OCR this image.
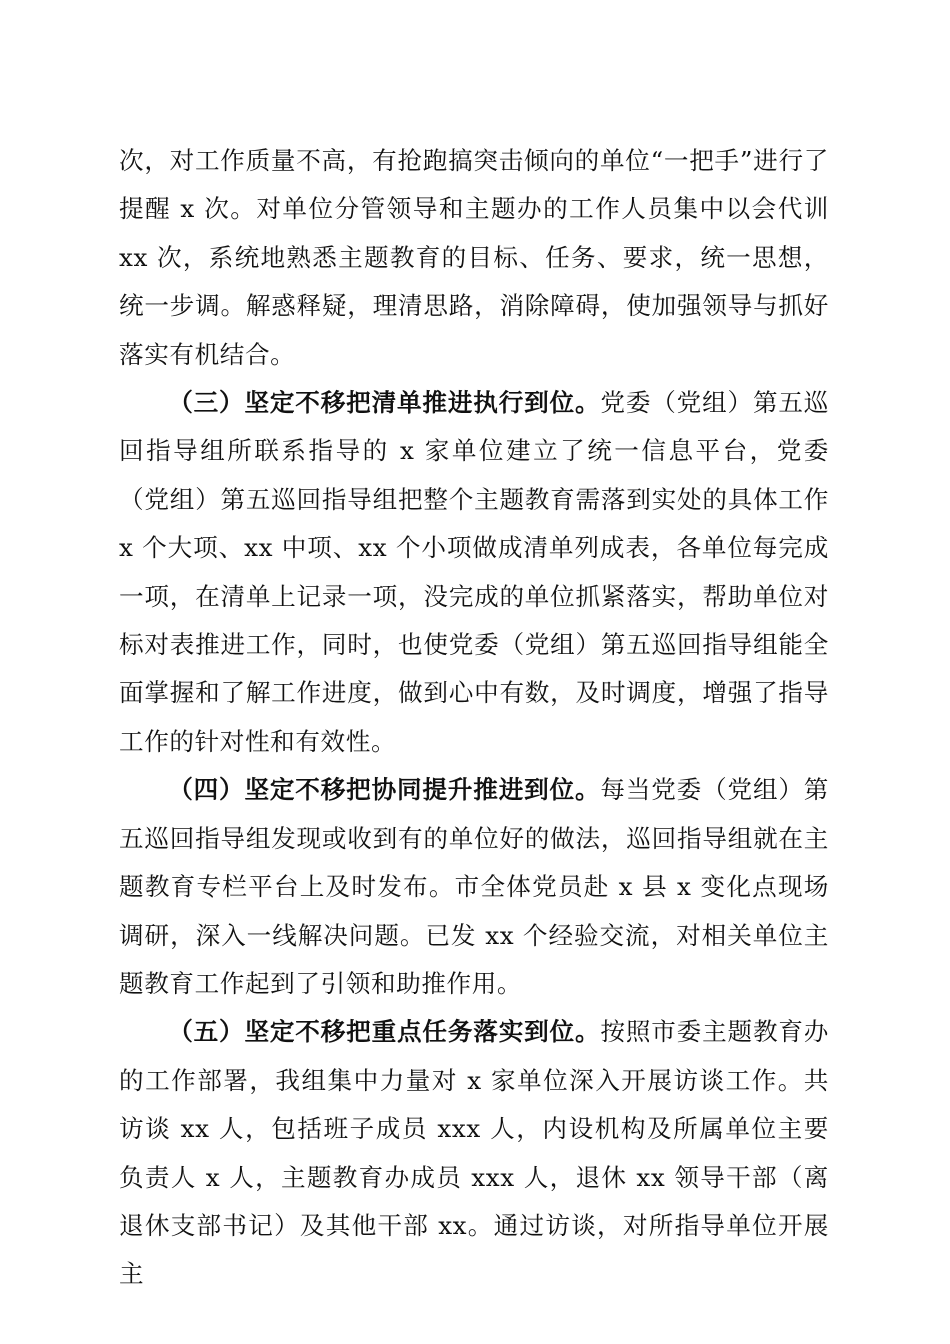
次，对工作质量不高，有抢跑搞突击倾向的单位“一把手”进行了提醒 x 次。对单位分管领导和主题办的工作人员集中以会代训 xx 次，系统地熟悉主题教育的目标、任务、要求，统一思想，统一步调。解惑释疑，理清思路，消除障碍，使加强领导与抓好落实有机结合。

（三）坚定不移把清单推进执行到位。党委（党组）第五巡回指导组所联系指导的 x 家单位建立了统一信息平台，党委（党组）第五巡回指导组把整个主题教育需落到实处的具体工作 x 个大项、xx 中项、xx 个小项做成清单列成表，各单位每完成一项，在清单上记录一项，没完成的单位抓紧落实，帮助单位对标对表推进工作，同时，也使党委（党组）第五巡回指导组能全面掌握和了解工作进度，做到心中有数，及时调度，增强了指导工作的针对性和有效性。

（四）坚定不移把协同提升推进到位。每当党委（党组）第五巡回指导组发现或收到有的单位好的做法，巡回指导组就在主题教育专栏平台上及时发布。市全体党员赴 x 县 x 变化点现场调研，深入一线解决问题。已发 xx 个经验交流，对相关单位主题教育工作起到了引领和助推作用。

（五）坚定不移把重点任务落实到位。按照市委主题教育办的工作部署，我组集中力量对 x 家单位深入开展访谈工作。共访谈 xx 人，包括班子成员 xxx 人，内设机构及所属单位主要负责人 x 人，主题教育办成员 xxx 人，退休 xx 领导干部（离退休支部书记）及其他干部 xx。通过访谈，对所指导单位开展主
